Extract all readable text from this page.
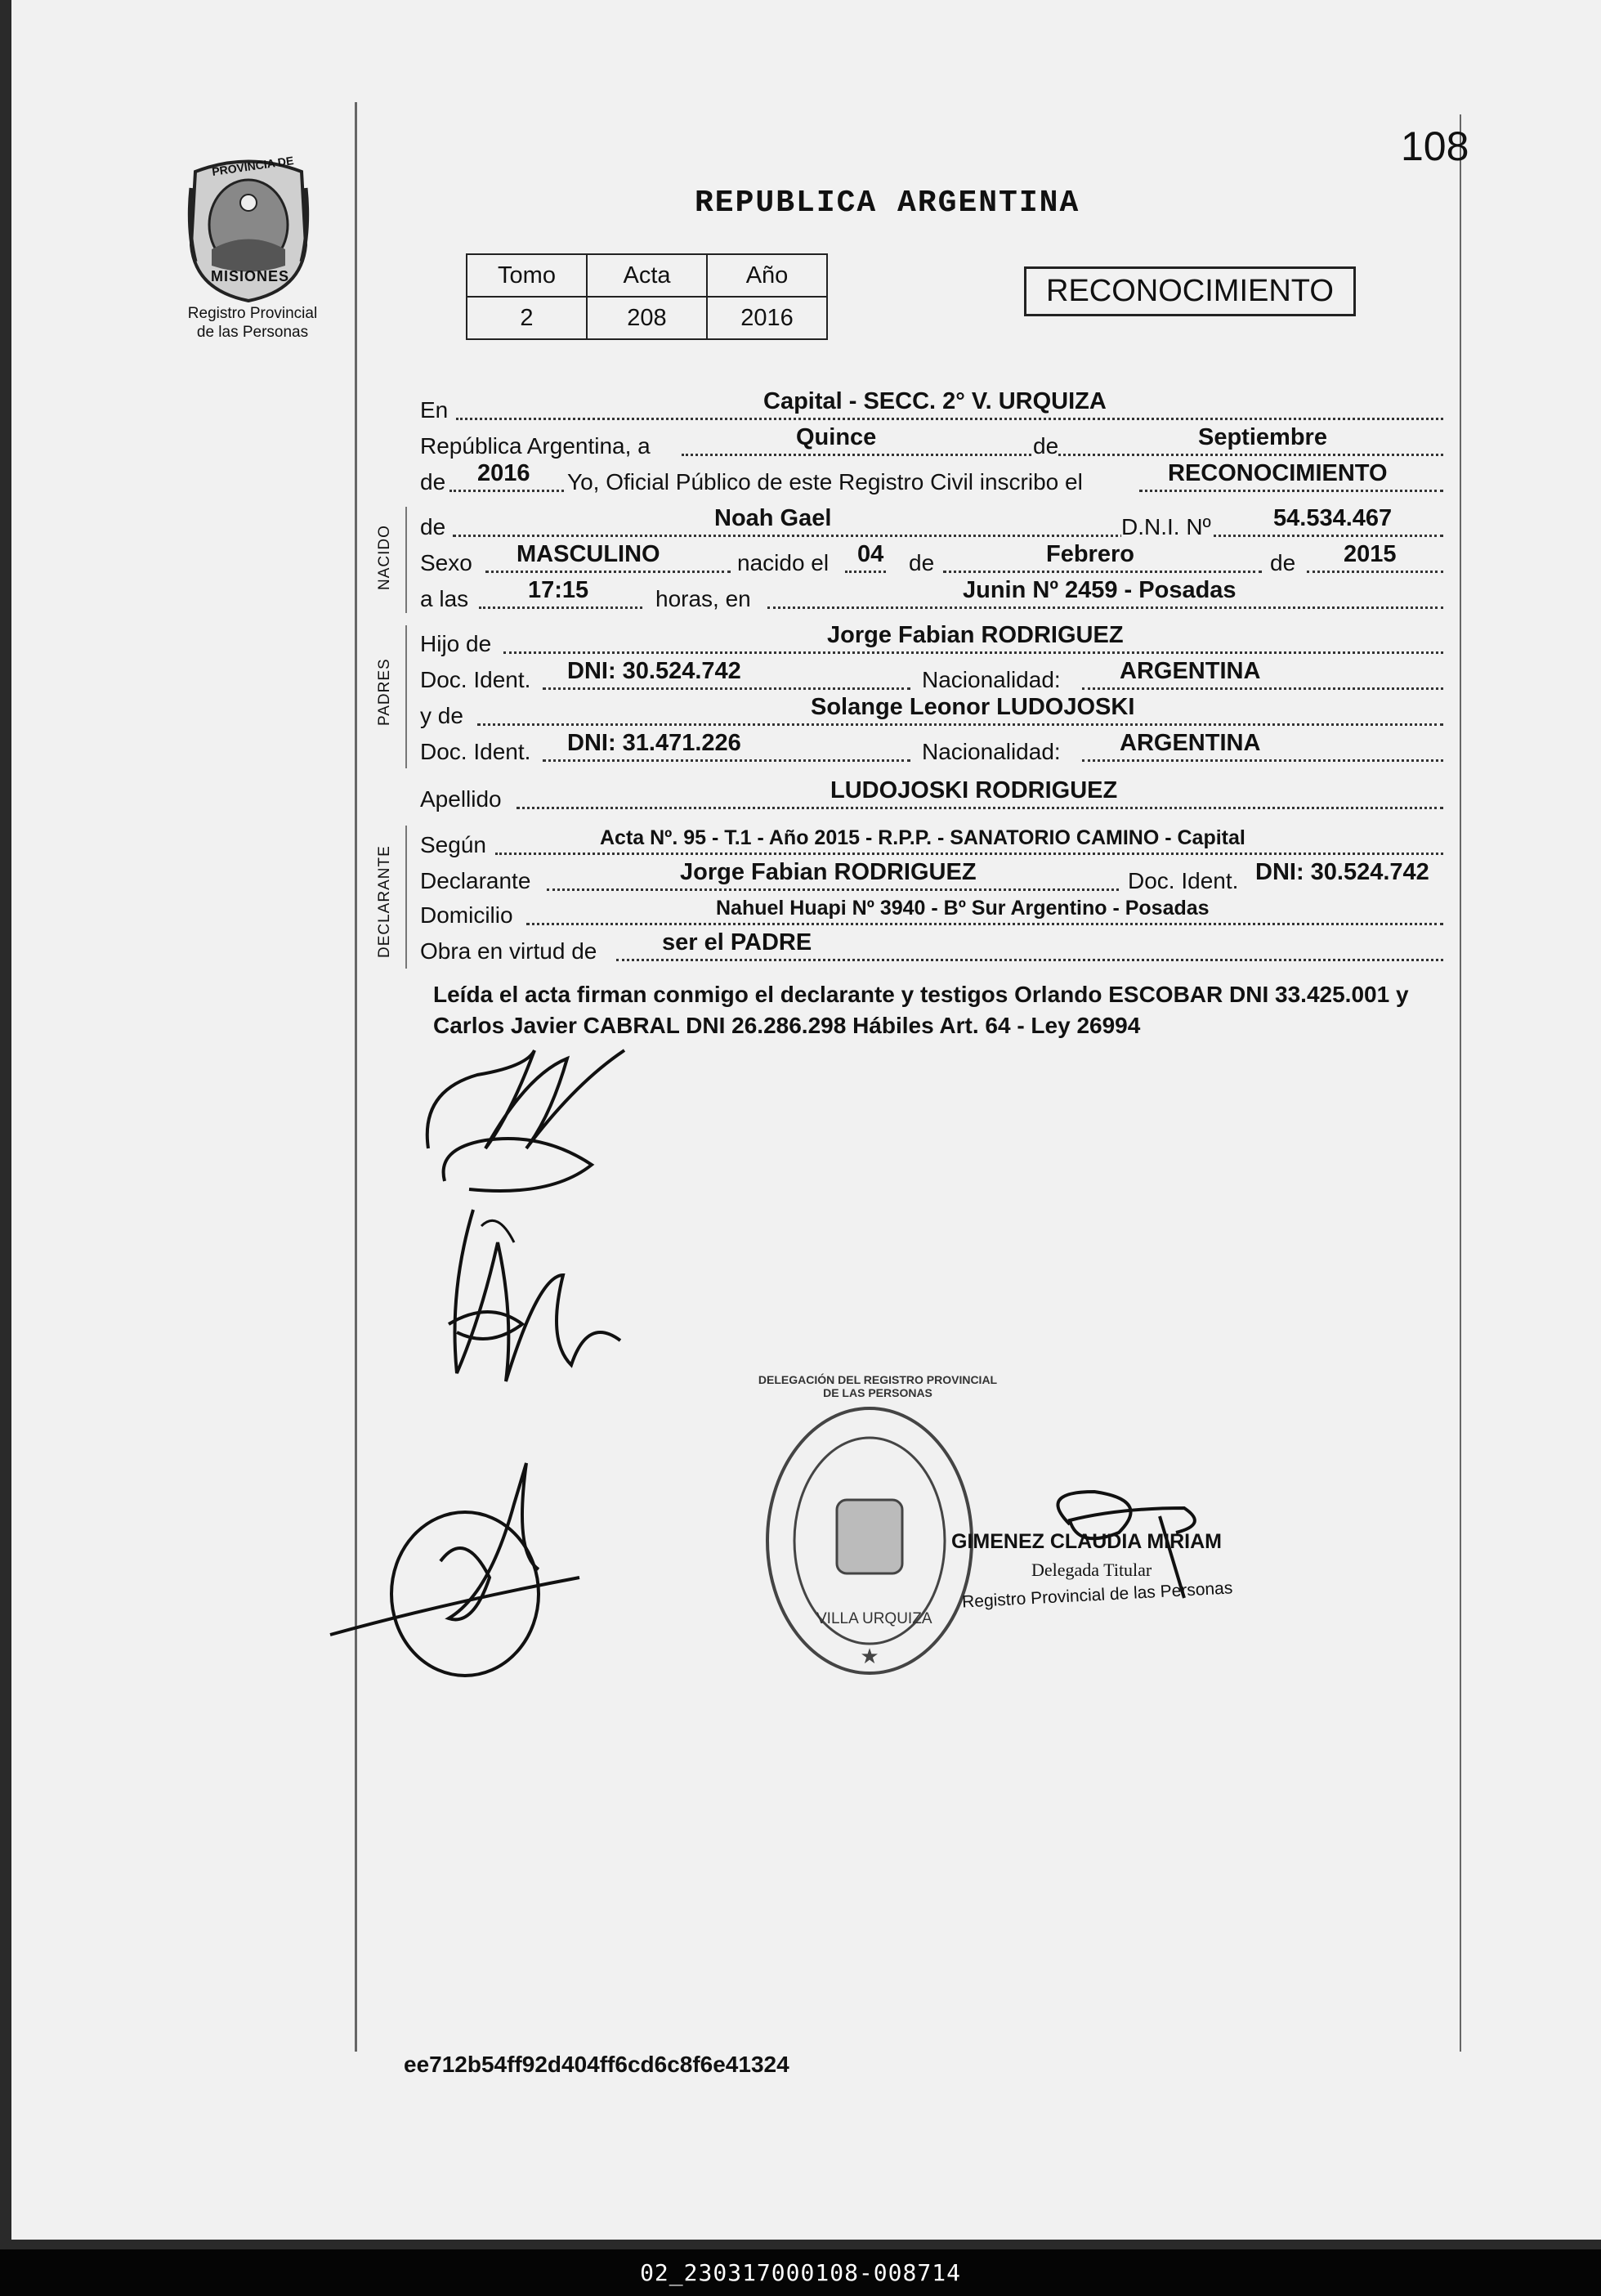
108
PROVINCIA DE
MISIONES
Registro Provincial
de las Personas
REPUBLICA ARGENTINA
Tomo	Acta	Año
2	208	2016
RECONOCIMIENTO
En	Capital - SECC. 2° V. URQUIZA
República Argentina, a	Quince	de	Septiembre
de 2016 Yo, Oficial Público de este Registro Civil inscribo el	RECONOCIMIENTO
NACIDO de	Noah Gael	D.N.I. Nº	54.534.467
Sexo MASCULINO	nacido el 04 de	Febrero	de 2015
a las	17:15	horas, en	Junin Nº 2459 - Posadas
PADRES
Hijo de	Jorge Fabian RODRIGUEZ
Doc. Ident. DNI: 30.524.742	Nacionalidad: ARGENTINA
y de	Solange Leonor LUDOJOSKI
Doc. Ident. DNI: 31.471.226	Nacionalidad: ARGENTINA
Apellido	LUDOJOSKI RODRIGUEZ
DECLARANTE
Según	Acta Nº. 95 - T.1 - Año 2015 - R.P.P. - SANATORIO CAMINO - Capital
Declarante	Jorge Fabian RODRIGUEZ	Doc. Ident. DNI: 30.524.742
Domicilio	Nahuel Huapi Nº 3940 - Bº Sur Argentino - Posadas
Obra en virtud de	ser el PADRE
Leída el acta firman conmigo el declarante y testigos Orlando ESCOBAR DNI 33.425.001 y Carlos Javier CABRAL DNI 26.286.298 Hábiles Art. 64 - Ley 26994
★
DELEGACIÓN DEL REGISTRO PROVINCIAL DE LAS PERSONAS
VILLA URQUIZA
GIMENEZ CLAUDIA MIRIAM
Delegada Titular
Registro Provincial de las Personas
ee712b54ff92d404ff6cd6c8f6e41324
02_230317000108-008714
